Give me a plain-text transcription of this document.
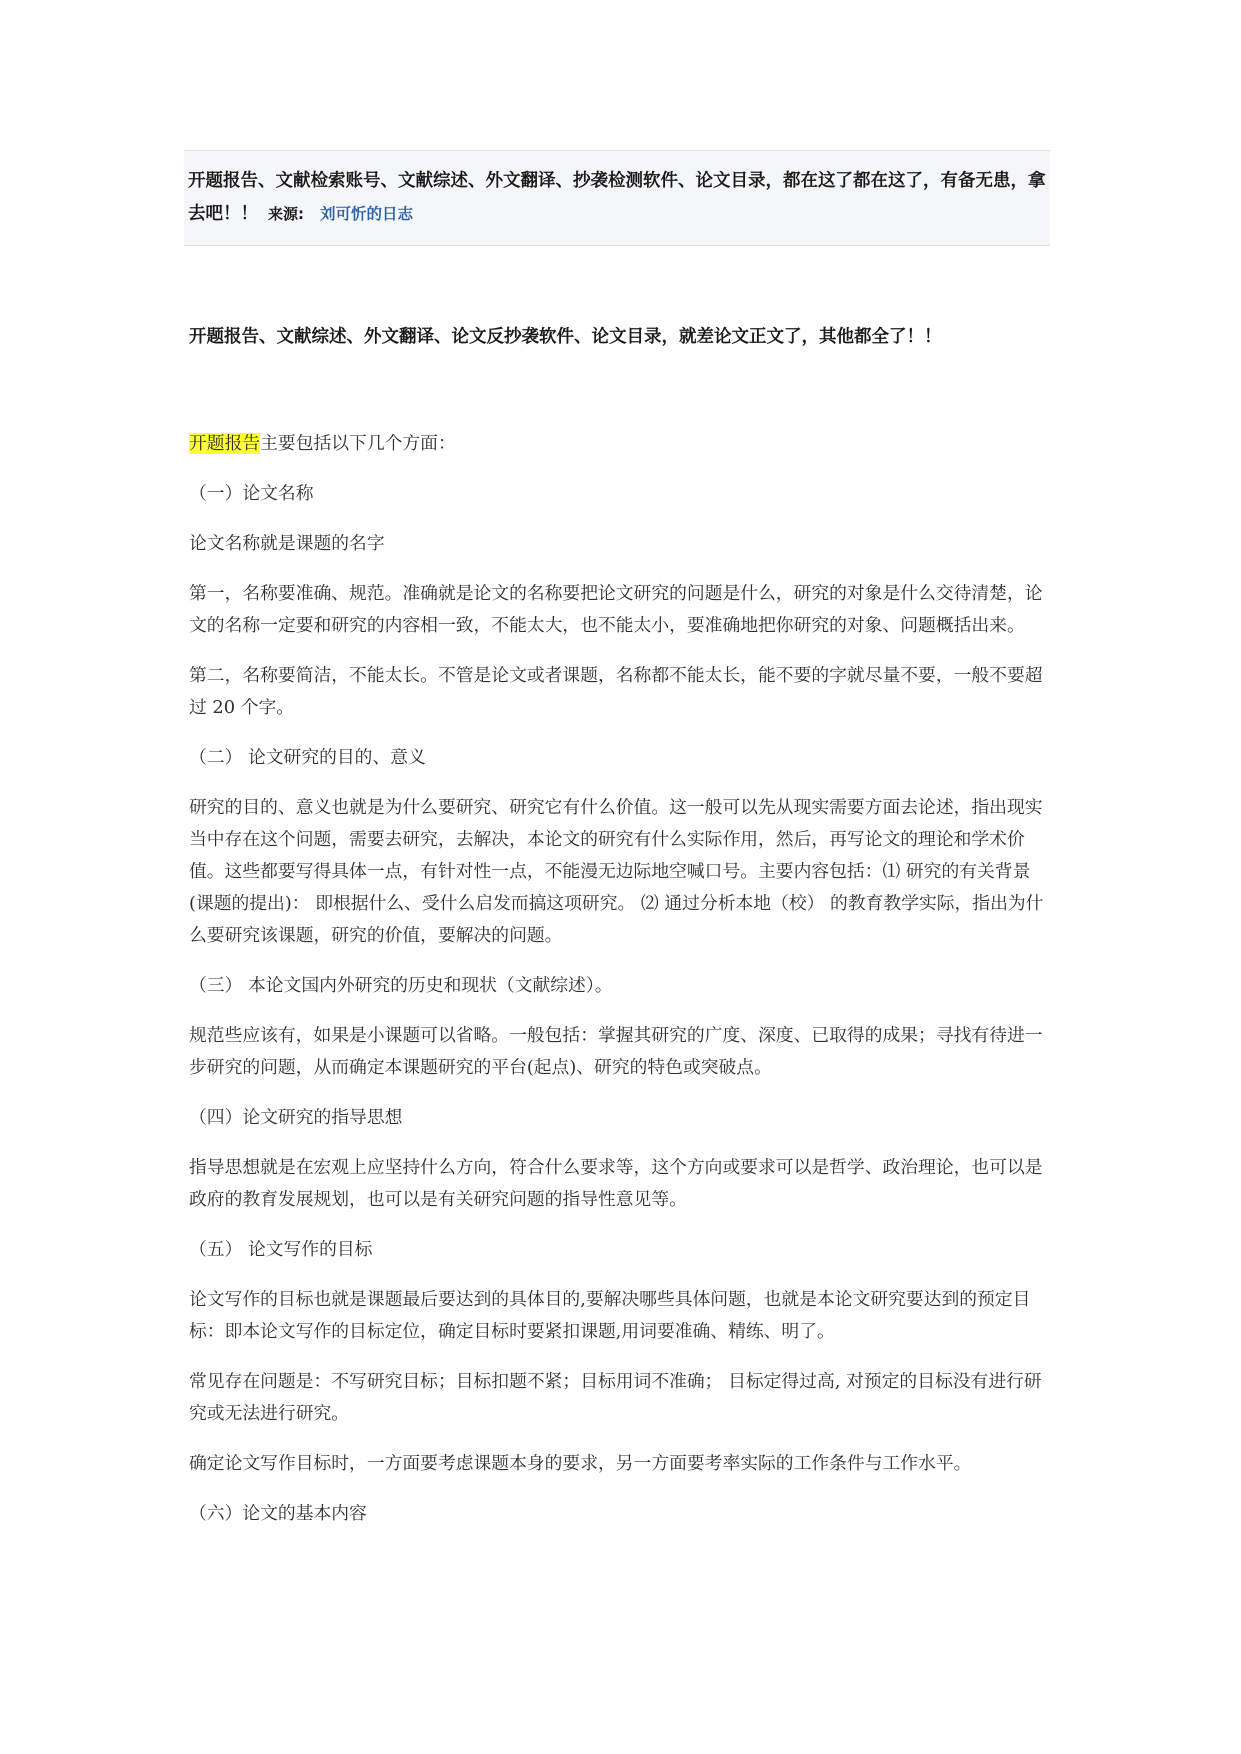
开题报告、文献检索账号、文献综述、外文翻译、抄袭检测软件、论文目录，都在这了都在这了，有备无患，拿去吧！！ 来源: 刘可忻的日志
开题报告、文献综述、外文翻译、论文反抄袭软件、论文目录，就差论文正文了，其他都全了！！

开题报告主要包括以下几个方面：

（一）论文名称

论文名称就是课题的名字

第一，名称要准确、规范。准确就是论文的名称要把论文研究的问题是什么，研究的对象是什么交待清楚，论文的名称一定要和研究的内容相一致，不能太大，也不能太小，要准确地把你研究的对象、问题概括出来。

第二，名称要简洁，不能太长。不管是论文或者课题，名称都不能太长，能不要的字就尽量不要，一般不要超过 20 个字。

（二） 论文研究的目的、意义

研究的目的、意义也就是为什么要研究、研究它有什么价值。这一般可以先从现实需要方面去论述，指出现实当中存在这个问题，需要去研究，去解决，本论文的研究有什么实际作用，然后，再写论文的理论和学术价值。这些都要写得具体一点，有针对性一点，不能漫无边际地空喊口号。主要内容包括：⑴ 研究的有关背景(课题的提出)： 即根据什么、受什么启发而搞这项研究。 ⑵ 通过分析本地（校） 的教育教学实际，指出为什么要研究该课题，研究的价值，要解决的问题。

（三） 本论文国内外研究的历史和现状（文献综述）。

规范些应该有，如果是小课题可以省略。一般包括：掌握其研究的广度、深度、已取得的成果；寻找有待进一步研究的问题，从而确定本课题研究的平台(起点)、研究的特色或突破点。

（四）论文研究的指导思想

指导思想就是在宏观上应坚持什么方向，符合什么要求等，这个方向或要求可以是哲学、政治理论，也可以是政府的教育发展规划，也可以是有关研究问题的指导性意见等。

（五） 论文写作的目标

论文写作的目标也就是课题最后要达到的具体目的,要解决哪些具体问题，也就是本论文研究要达到的预定目标：即本论文写作的目标定位，确定目标时要紧扣课题,用词要准确、精练、明了。

常见存在问题是：不写研究目标；目标扣题不紧；目标用词不准确； 目标定得过高, 对预定的目标没有进行研究或无法进行研究。

确定论文写作目标时，一方面要考虑课题本身的要求，另一方面要考率实际的工作条件与工作水平。

（六）论文的基本内容
